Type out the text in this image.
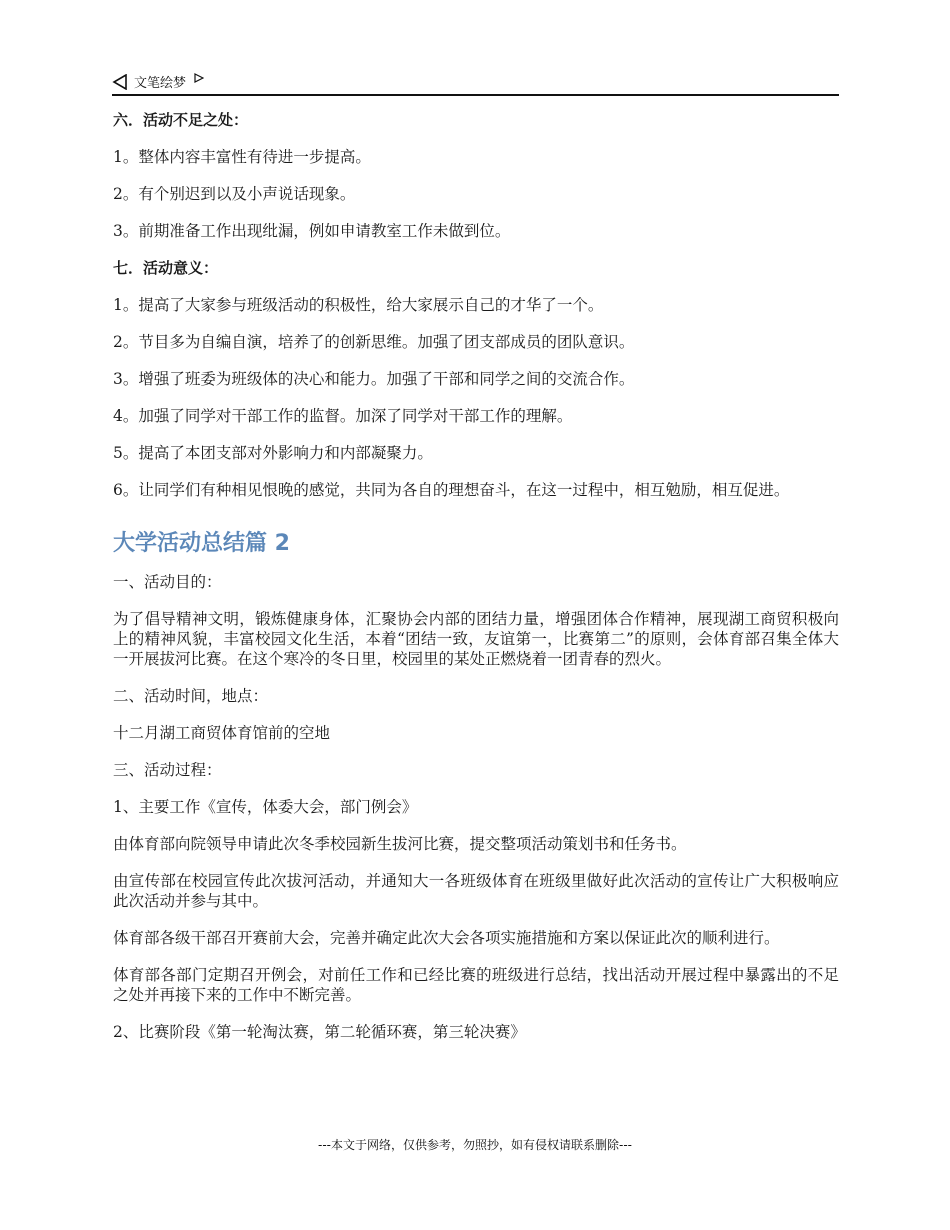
文笔绘梦

六．活动不足之处：

1。整体内容丰富性有待进一步提高。

2。有个别迟到以及小声说话现象。

3。前期准备工作出现纰漏，例如申请教室工作未做到位。

七．活动意义：

1。提高了大家参与班级活动的积极性，给大家展示自己的才华了一个。

2。节目多为自编自演，培养了的创新思维。加强了团支部成员的团队意识。

3。增强了班委为班级体的决心和能力。加强了干部和同学之间的交流合作。

4。加强了同学对干部工作的监督。加深了同学对干部工作的理解。

5。提高了本团支部对外影响力和内部凝聚力。

6。让同学们有种相见恨晚的感觉，共同为各自的理想奋斗，在这一过程中，相互勉励，相互促进。

大学活动总结篇 2

一、活动目的：

为了倡导精神文明，锻炼健康身体，汇聚协会内部的团结力量，增强团体合作精神，展现湖工商贸积极向上的精神风貌，丰富校园文化生活，本着“团结一致，友谊第一，比赛第二”的原则，会体育部召集全体大一开展拔河比赛。在这个寒冷的冬日里，校园里的某处正燃烧着一团青春的烈火。

二、活动时间，地点：

十二月湖工商贸体育馆前的空地

三、活动过程：

1、主要工作《宣传，体委大会，部门例会》

由体育部向院领导申请此次冬季校园新生拔河比赛，提交整项活动策划书和任务书。

由宣传部在校园宣传此次拔河活动，并通知大一各班级体育在班级里做好此次活动的宣传让广大积极响应此次活动并参与其中。

体育部各级干部召开赛前大会，完善并确定此次大会各项实施措施和方案以保证此次的顺利进行。

体育部各部门定期召开例会，对前任工作和已经比赛的班级进行总结，找出活动开展过程中暴露出的不足之处并再接下来的工作中不断完善。

2、比赛阶段《第一轮淘汰赛，第二轮循环赛，第三轮决赛》

---本文于网络，仅供参考，勿照抄，如有侵权请联系删除---
